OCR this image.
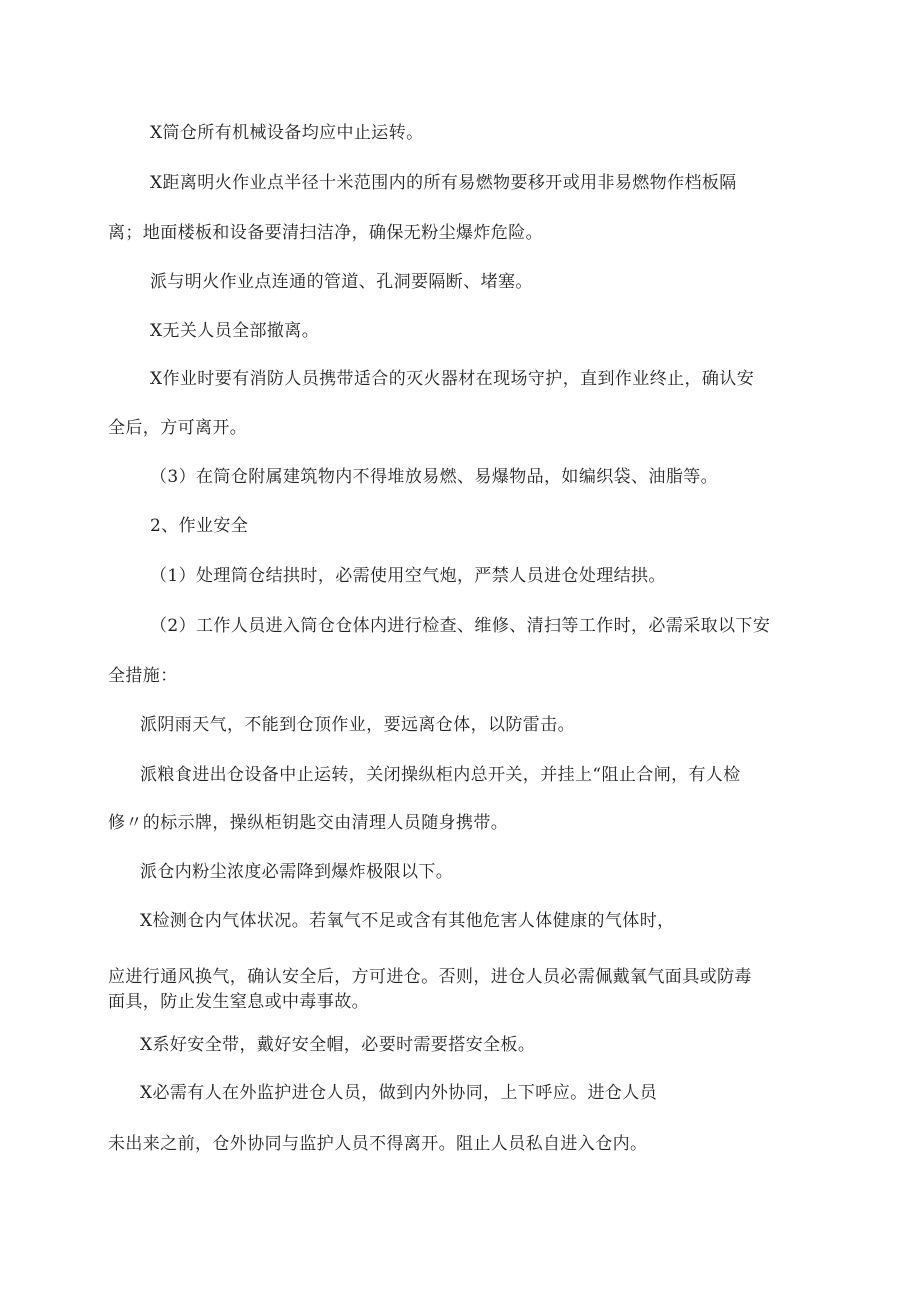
X筒仓所有机械设备均应中止运转。
X距离明火作业点半径十米范围内的所有易燃物要移开或用非易燃物作档板隔
离；地面楼板和设备要清扫洁净，确保无粉尘爆炸危险。
派与明火作业点连通的管道、孔洞要隔断、堵塞。
X无关人员全部撤离。
X作业时要有消防人员携带适合的灭火器材在现场守护，直到作业终止，确认安
全后，方可离开。
（3）在筒仓附属建筑物内不得堆放易燃、易爆物品，如编织袋、油脂等。
2、作业安全
（1）处理筒仓结拱时，必需使用空气炮，严禁人员进仓处理结拱。
（2）工作人员进入筒仓仓体内进行检查、维修、清扫等工作时，必需采取以下安
全措施：
派阴雨天气，不能到仓顶作业，要远离仓体，以防雷击。
派粮食进出仓设备中止运转，关闭操纵柜内总开关，并挂上“阻止合闸，有人检
修〃的标示牌，操纵柜钥匙交由清理人员随身携带。
派仓内粉尘浓度必需降到爆炸极限以下。
X检测仓内气体状况。若氧气不足或含有其他危害人体健康的气体时，
应进行通风换气，确认安全后，方可进仓。否则，进仓人员必需佩戴氧气面具或防毒
面具，防止发生窒息或中毒事故。
X系好安全带，戴好安全帽，必要时需要搭安全板。
X必需有人在外监护进仓人员，做到内外协同，上下呼应。进仓人员
未出来之前，仓外协同与监护人员不得离开。阻止人员私自进入仓内。
